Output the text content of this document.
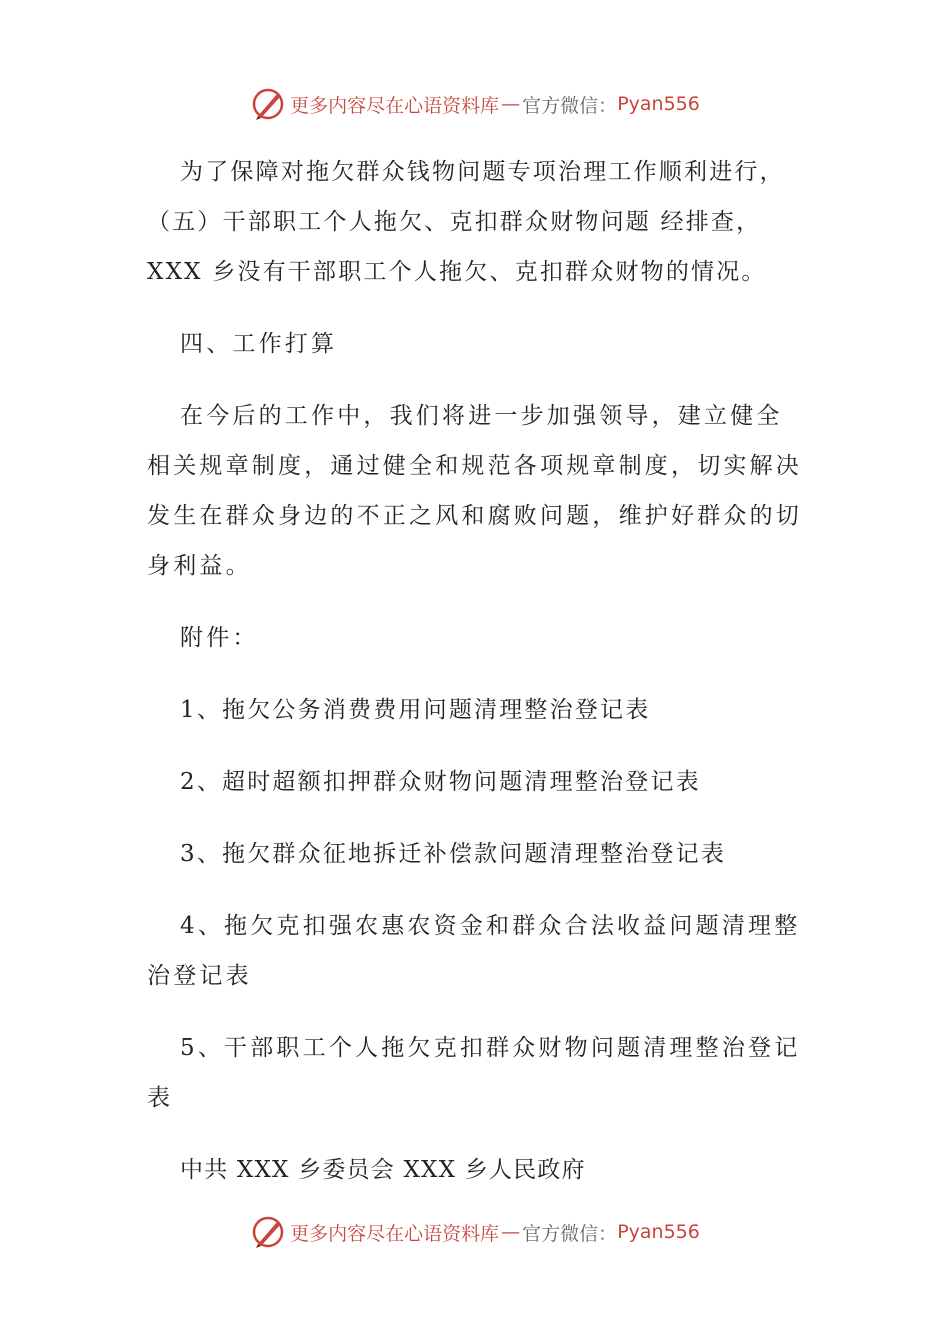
更多内容尽在心语资料库 — 官方微信： Pyan556

为了保障对拖欠群众钱物问题专项治理工作顺利进行，（五）干部职工个人拖欠、克扣群众财物问题 经排查，XXX 乡没有干部职工个人拖欠、克扣群众财物的情况。

四、工作打算

在今后的工作中，我们将进一步加强领导，建立健全相关规章制度，通过健全和规范各项规章制度，切实解决发生在群众身边的不正之风和腐败问题，维护好群众的切身利益。

附件：

1、拖欠公务消费费用问题清理整治登记表

2、超时超额扣押群众财物问题清理整治登记表

3、拖欠群众征地拆迁补偿款问题清理整治登记表

4、拖欠克扣强农惠农资金和群众合法收益问题清理整治登记表

5、干部职工个人拖欠克扣群众财物问题清理整治登记表

中共 XXX 乡委员会 XXX 乡人民政府

更多内容尽在心语资料库 — 官方微信： Pyan556
